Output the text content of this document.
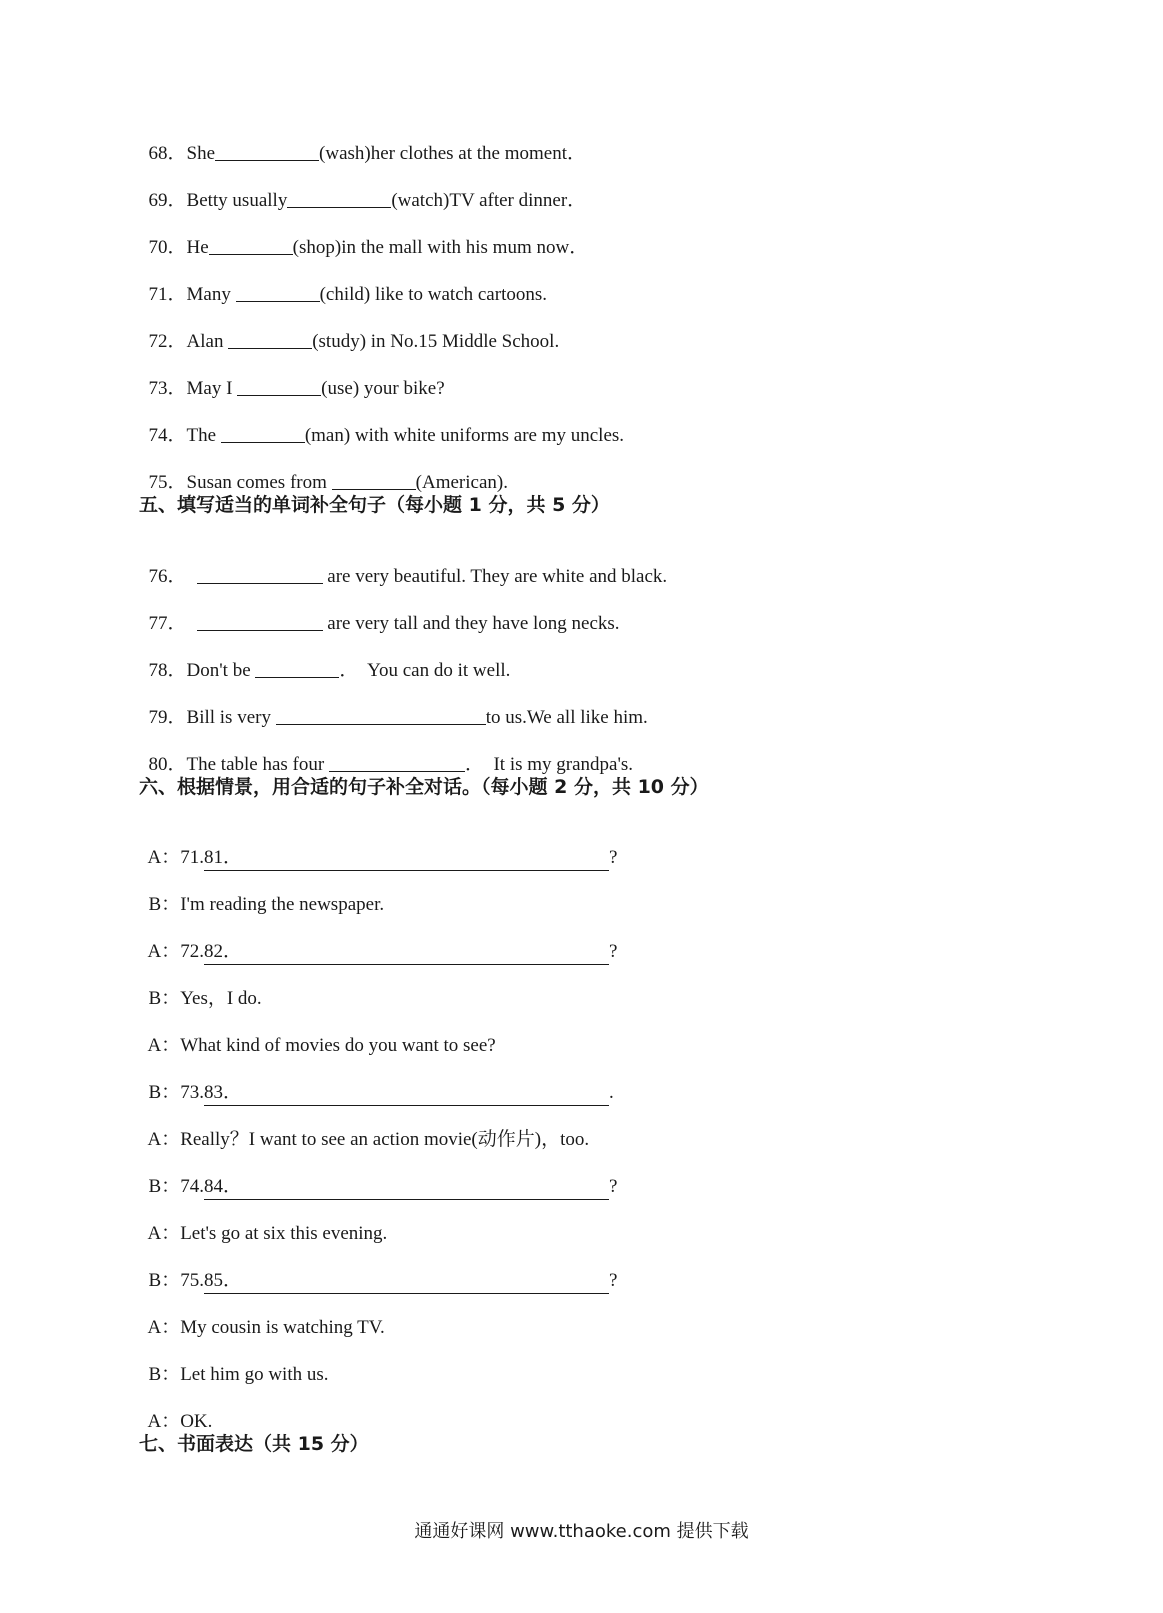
68．She	(wash)her clothes at the moment．

69．Betty usually	(watch)TV after dinner．

70．He	(shop)in the mall with his mum now．

71．Many	(child) like to watch cartoons.

72．Alan	(study) in No.15 Middle School.

73．May I	(use) your bike?

74．The	(man) with white uniforms are my uncles.

75．Susan comes from	(American).

五、填写适当的单词补全句子（每小题 1 分，共 5 分）

76．	are very beautiful. They are white and black.

77．	are very tall and they have long necks.

78．Don't be	．  You can do it well.

79．Bill is very	to us.We all like him.

80．The table has four	．  It is my grandpa's.

六、根据情景，用合适的句子补全对话。（每小题 2 分，共 10 分）

A：71.81．	?

B：I'm reading the newspaper.

A：72.82．	?

B：Yes，I do.

A：What kind of movies do you want to see?

B：73.83．	.

A：Really？I want to see an action movie(动作片)，too.

B：74.84．	?

A：Let's go at six this evening.

B：75.85．	?

A：My cousin is watching TV.

B：Let him go with us.

A：OK.

七、书面表达（共 15 分）
通通好课网 www.tthaoke.com 提供下载
